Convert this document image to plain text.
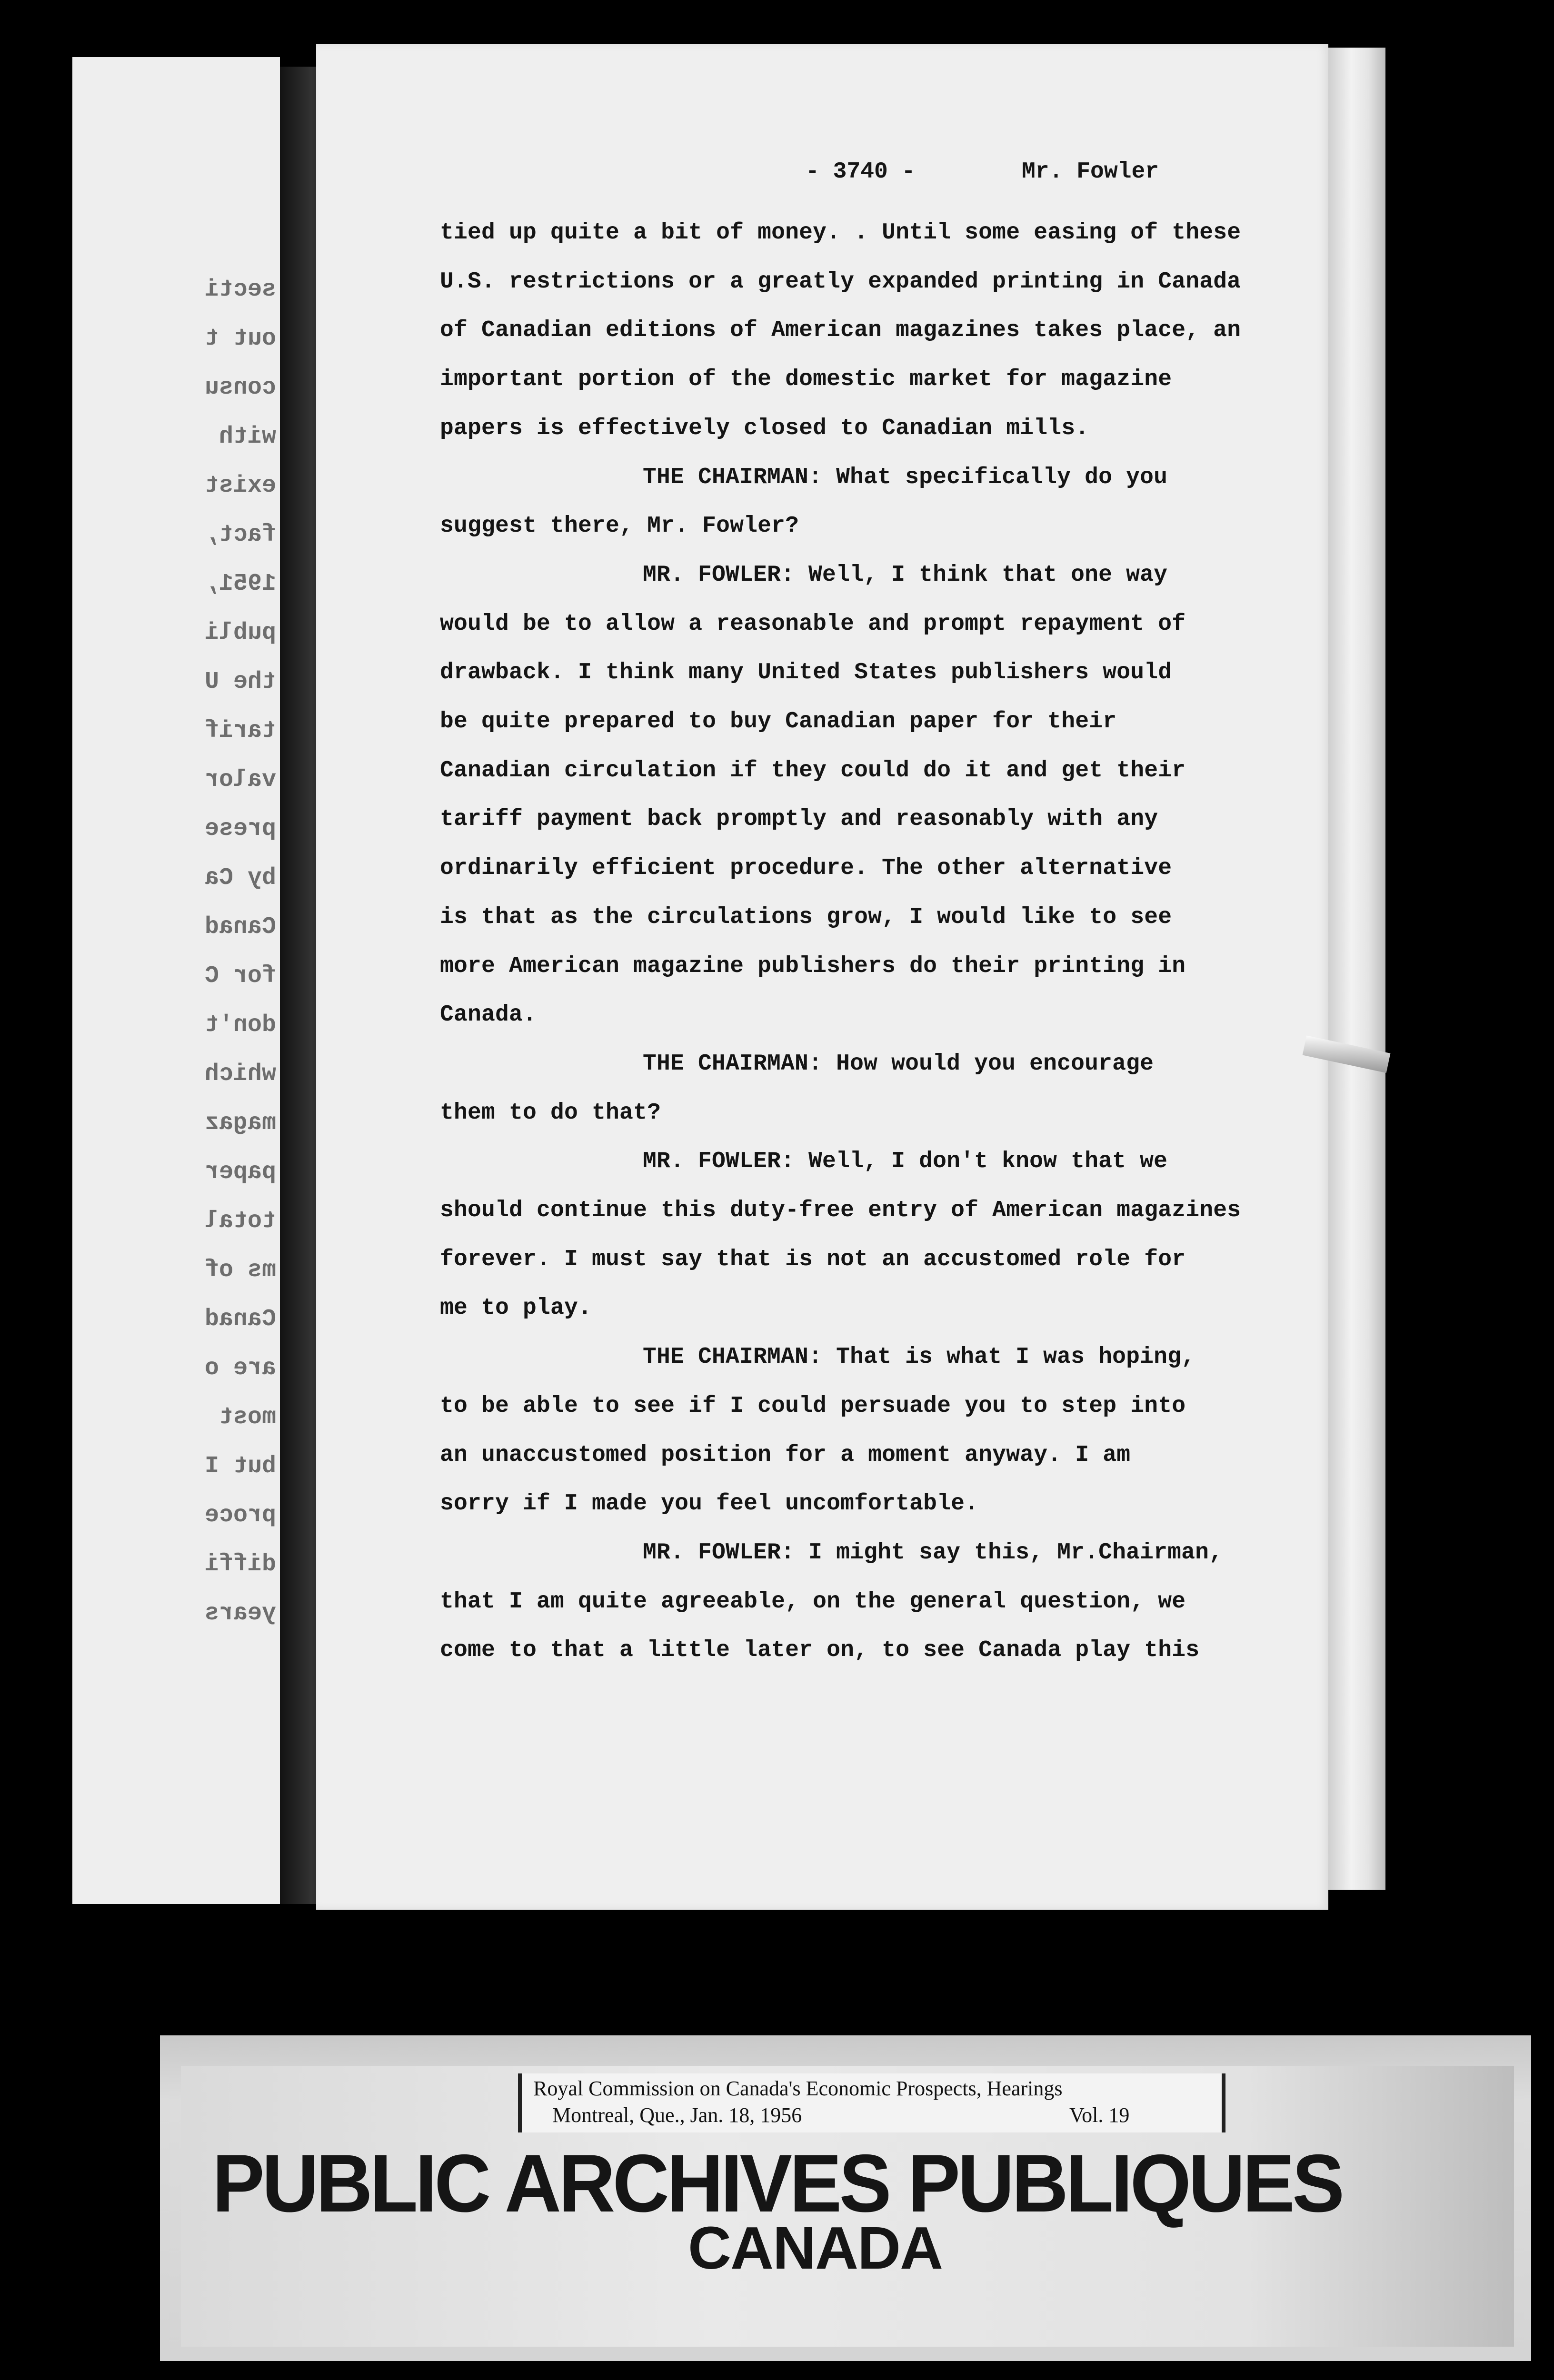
secti
out t
consu
with
exist
fact,
1951,
publi
the U
tarif
valor
prese
by Ca
Canad
for C
don't
which
magaz
paper
total
ms of
Canad
are o
most
but I
proce
diffi
years
- 3740 -	Mr. Fowler
tied up quite a bit of money. . Until some easing of these
U.S. restrictions or a greatly expanded printing in Canada
of Canadian editions of American magazines takes place, an
important portion of the domestic market for magazine
papers is effectively closed to Canadian mills.
THE CHAIRMAN: What specifically do you
suggest there, Mr. Fowler?
MR. FOWLER: Well, I think that one way
would be to allow a reasonable and prompt repayment of
drawback. I think many United States publishers would
be quite prepared to buy Canadian paper for their
Canadian circulation if they could do it and get their
tariff payment back promptly and reasonably with any
ordinarily efficient procedure. The other alternative
is that as the circulations grow, I would like to see
more American magazine publishers do their printing in
Canada.
THE CHAIRMAN: How would you encourage
them to do that?
MR. FOWLER: Well, I don't know that we
should continue this duty-free entry of American magazines
forever. I must say that is not an accustomed role for
me to play.
THE CHAIRMAN: That is what I was hoping,
to be able to see if I could persuade you to step into
an unaccustomed position for a moment anyway. I am
sorry if I made you feel uncomfortable.
MR. FOWLER: I might say this, Mr.Chairman,
that I am quite agreeable, on the general question, we
come to that a little later on, to see Canada play this
Royal Commission on Canada's Economic Prospects, Hearings
Montreal, Que., Jan. 18, 1956	Vol. 19
PUBLIC ARCHIVES PUBLIQUES
CANADA
